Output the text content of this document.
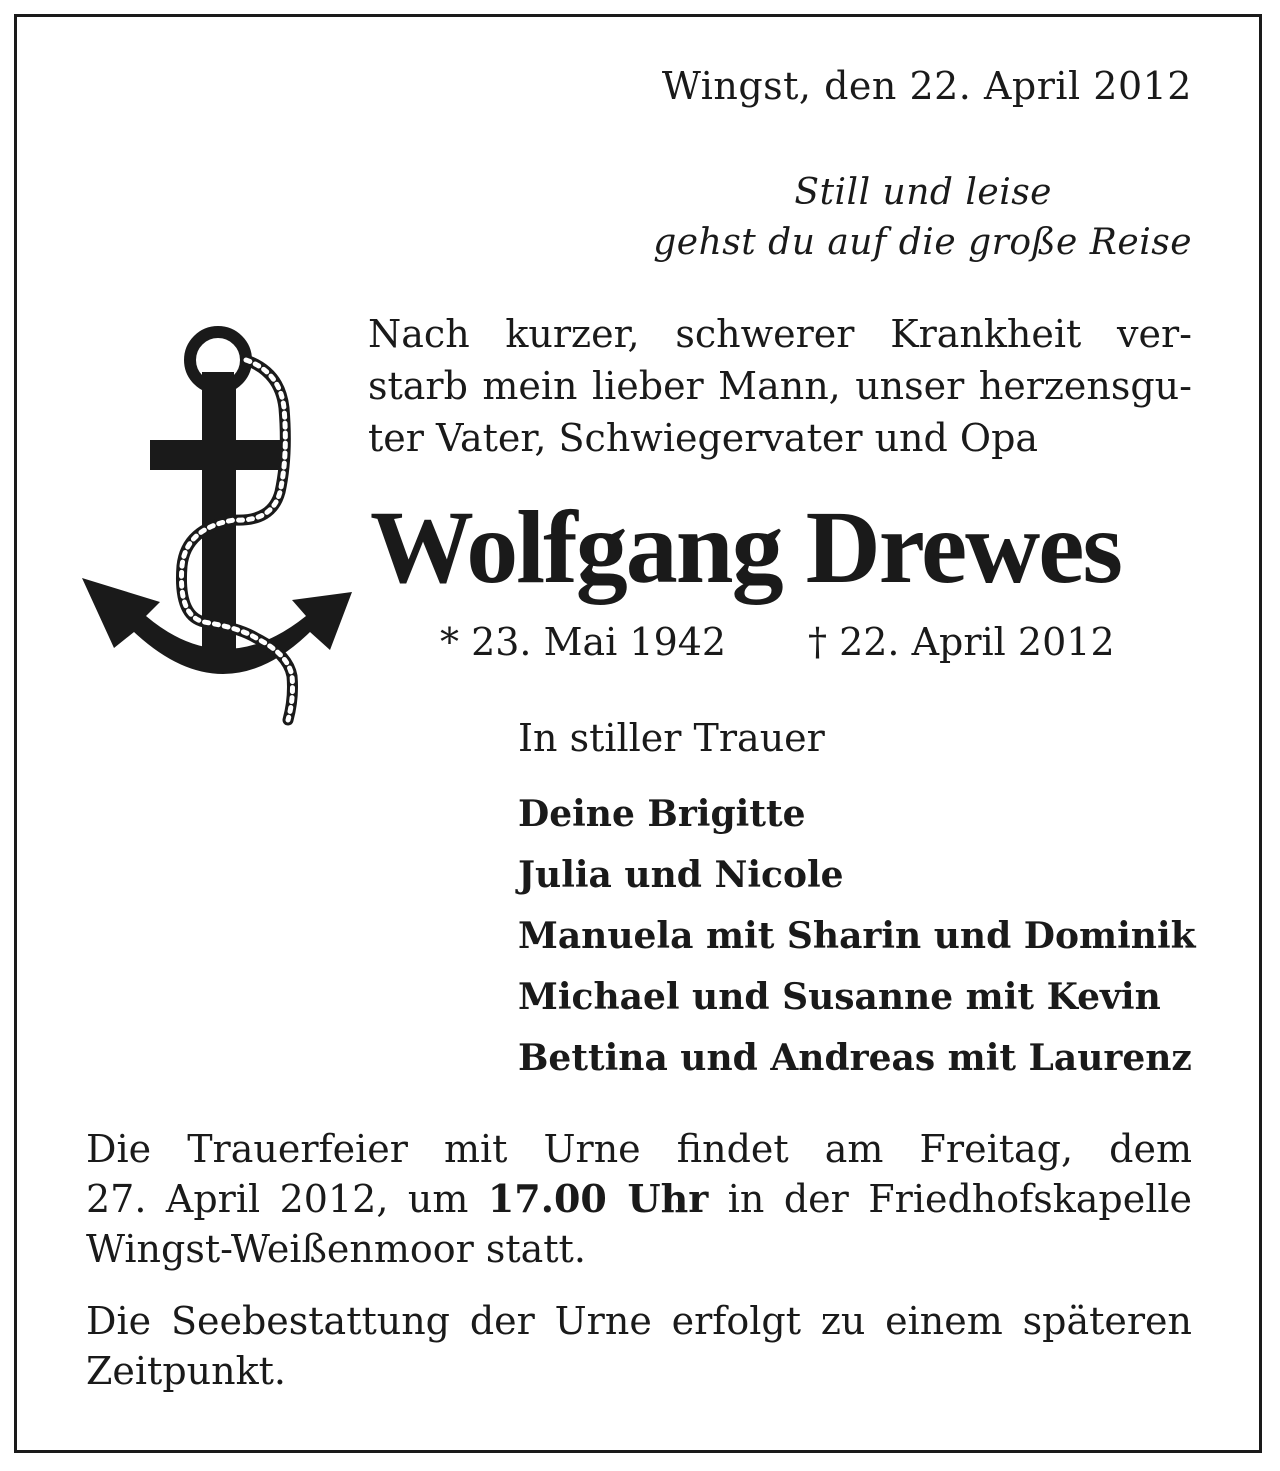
Wingst, den 22. April 2012
Still und leise
gehst du auf die große Reise
Nach kurzer, schwerer Krankheit ver-
starb mein lieber Mann, unser herzensgu-
ter Vater, Schwiegervater und Opa
Wolfgang Drewes
* 23. Mai 1942 † 22. April 2012
In stiller Trauer
Deine Brigitte
Julia und Nicole
Manuela mit Sharin und Dominik
Michael und Susanne mit Kevin
Bettina und Andreas mit Laurenz
Die Trauerfeier mit Urne findet am Freitag, dem
27. April 2012, um 17.00 Uhr in der Friedhofskapelle
Wingst-Weißenmoor statt.
Die Seebestattung der Urne erfolgt zu einem späteren
Zeitpunkt.
